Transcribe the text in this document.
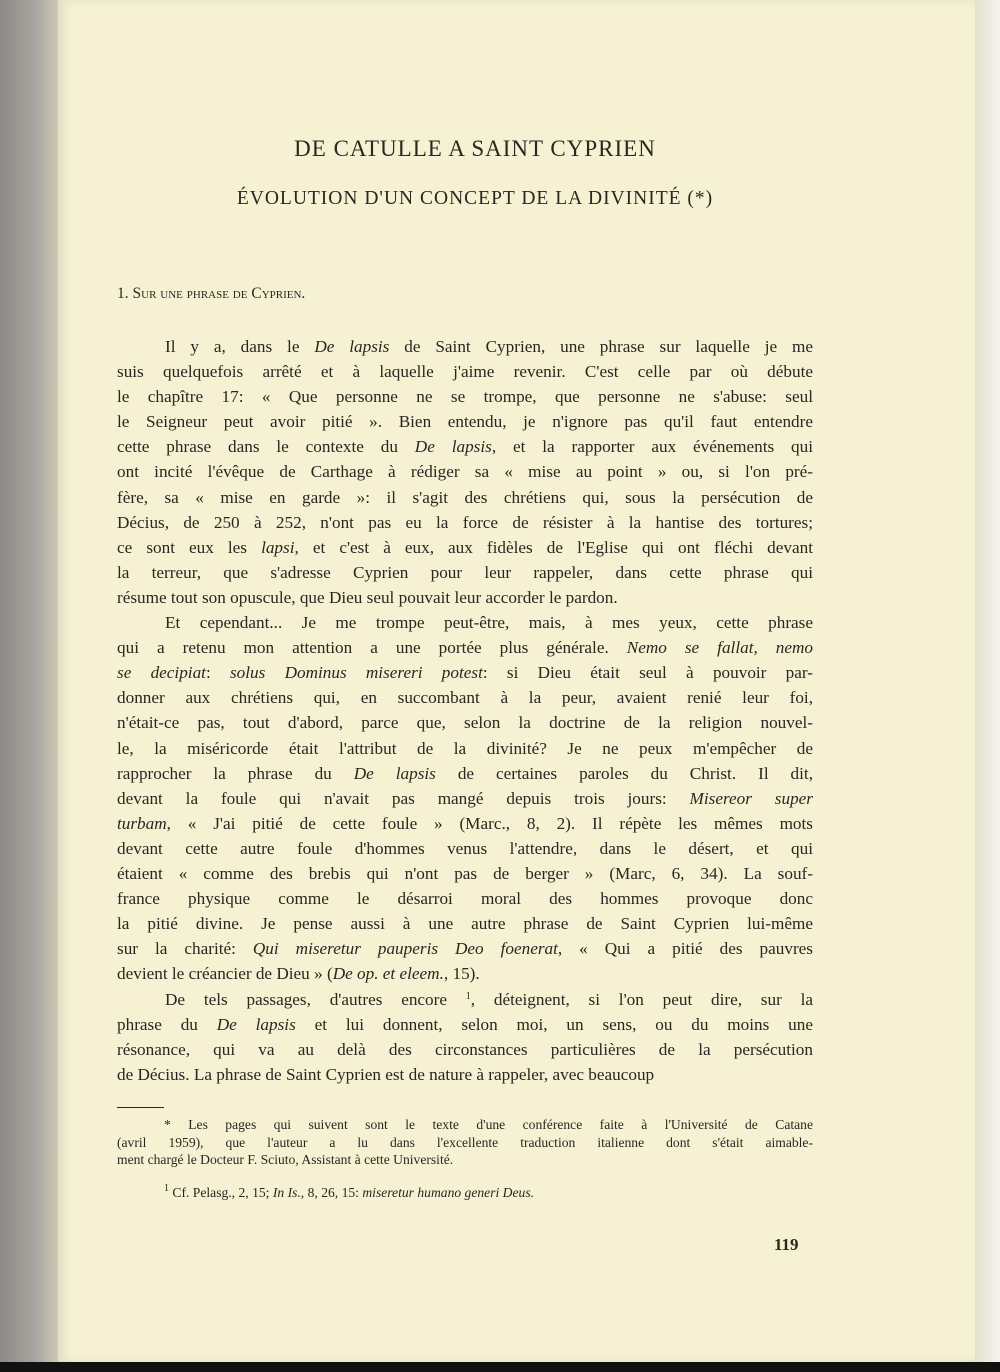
DE CATULLE A SAINT CYPRIEN
ÉVOLUTION D'UN CONCEPT DE LA DIVINITÉ (*)
1. Sur une phrase de Cyprien.
Il y a, dans le De lapsis de Saint Cyprien, une phrase sur laquelle je me
suis quelquefois arrêté et à laquelle j'aime revenir. C'est celle par où débute
le chapître 17: « Que personne ne se trompe, que personne ne s'abuse: seul
le Seigneur peut avoir pitié ». Bien entendu, je n'ignore pas qu'il faut entendre
cette phrase dans le contexte du De lapsis, et la rapporter aux événements qui
ont incité l'évêque de Carthage à rédiger sa « mise au point » ou, si l'on pré-
fère, sa « mise en garde »: il s'agit des chrétiens qui, sous la persécution de
Décius, de 250 à 252, n'ont pas eu la force de résister à la hantise des tortures;
ce sont eux les lapsi, et c'est à eux, aux fidèles de l'Eglise qui ont fléchi devant
la terreur, que s'adresse Cyprien pour leur rappeler, dans cette phrase qui
résume tout son opuscule, que Dieu seul pouvait leur accorder le pardon.
Et cependant... Je me trompe peut-être, mais, à mes yeux, cette phrase
qui a retenu mon attention a une portée plus générale. Nemo se fallat, nemo
se decipiat: solus Dominus misereri potest: si Dieu était seul à pouvoir par-
donner aux chrétiens qui, en succombant à la peur, avaient renié leur foi,
n'était-ce pas, tout d'abord, parce que, selon la doctrine de la religion nouvel-
le, la miséricorde était l'attribut de la divinité? Je ne peux m'empêcher de
rapprocher la phrase du De lapsis de certaines paroles du Christ. Il dit,
devant la foule qui n'avait pas mangé depuis trois jours: Misereor super
turbam, « J'ai pitié de cette foule » (Marc., 8, 2). Il répète les mêmes mots
devant cette autre foule d'hommes venus l'attendre, dans le désert, et qui
étaient « comme des brebis qui n'ont pas de berger » (Marc, 6, 34). La souf-
france physique comme le désarroi moral des hommes provoque donc
la pitié divine. Je pense aussi à une autre phrase de Saint Cyprien lui-même
sur la charité: Qui miseretur pauperis Deo foenerat, « Qui a pitié des pauvres
devient le créancier de Dieu » (De op. et eleem., 15).
De tels passages, d'autres encore $^1$, déteignent, si l'on peut dire, sur la
phrase du De lapsis et lui donnent, selon moi, un sens, ou du moins une
résonance, qui va au delà des circonstances particulières de la persécution
de Décius. La phrase de Saint Cyprien est de nature à rappeler, avec beaucoup
* Les pages qui suivent sont le texte d'une conférence faite à l'Université de Catane
(avril 1959), que l'auteur a lu dans l'excellente traduction italienne dont s'était aimable-
ment chargé le Docteur F. Sciuto, Assistant à cette Université.
$^1$ Cf. Pelasg., 2, 15; In Is., 8, 26, 15: miseretur humano generi Deus.
119
